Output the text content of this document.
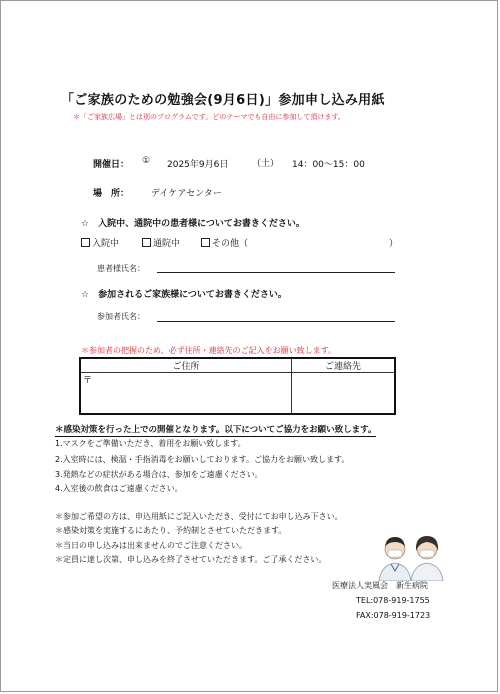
「ご家族のための勉強会(9月6日)」参加申し込み用紙
＊「ご家族広場」とは別のプログラムです。どのテーマでも自由に参加して頂けます。
開催日： ① 2025年9月6日	（土） 14：00～15：00
場　所： デイケアセンター
☆　入院中、通院中の患者様についてお書きください。
入院中	通院中	その他（	）
患者様氏名：
☆　参加されるご家族様についてお書きください。
参加者氏名：
＊参加者の把握のため、必ず住所・連絡先のご記入をお願い致します。
ご住所	ご連絡先
〒	
＊感染対策を行った上での開催となります。以下についてご協力をお願い致します。
1.マスクをご準備いただき、着用をお願い致します。
2.入室時には、検温・手指消毒をお願いしております。ご協力をお願い致します。
3.発熱などの症状がある場合は、参加をご遠慮ください。
4.入室後の飲食はご遠慮ください。
＊参加ご希望の方は、申込用紙にご記入いただき、受付にてお申し込み下さい。
＊感染対策を実施するにあたり、予約制とさせていただきます。
＊当日の申し込みは出来ませんのでご注意ください。
＊定員に達し次第、申し込みを終了させていただきます。ご了承ください。
医療法人実風会　新生病院
TEL:078-919-1755
FAX:078-919-1723
